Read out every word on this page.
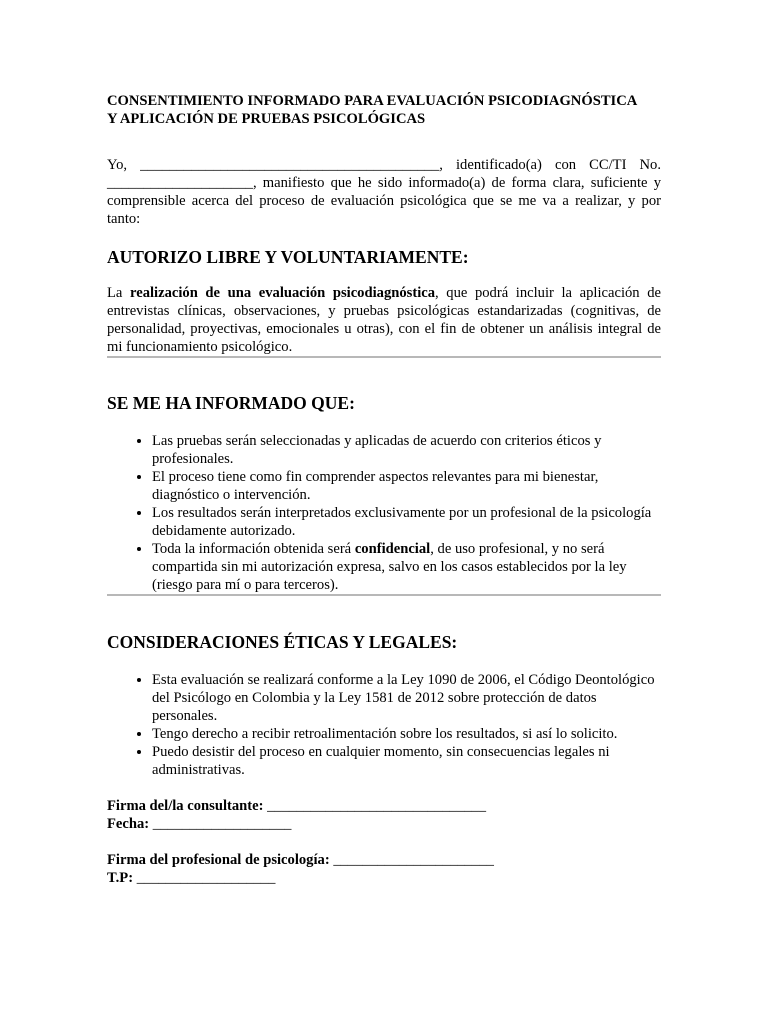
CONSENTIMIENTO INFORMADO PARA EVALUACIÓN PSICODIAGNÓSTICA
Y APLICACIÓN DE PRUEBAS PSICOLÓGICAS

Yo, _________________________________________, identificado(a) con CC/TI No. ____________________, manifiesto que he sido informado(a) de forma clara, suficiente y comprensible acerca del proceso de evaluación psicológica que se me va a realizar, y por tanto:

AUTORIZO LIBRE Y VOLUNTARIAMENTE:

La realización de una evaluación psicodiagnóstica, que podrá incluir la aplicación de entrevistas clínicas, observaciones, y pruebas psicológicas estandarizadas (cognitivas, de personalidad, proyectivas, emocionales u otras), con el fin de obtener un análisis integral de mi funcionamiento psicológico.

SE ME HA INFORMADO QUE:
• Las pruebas serán seleccionadas y aplicadas de acuerdo con criterios éticos y profesionales.
• El proceso tiene como fin comprender aspectos relevantes para mi bienestar, diagnóstico o intervención.
• Los resultados serán interpretados exclusivamente por un profesional de la psicología debidamente autorizado.
• Toda la información obtenida será confidencial, de uso profesional, y no será compartida sin mi autorización expresa, salvo en los casos establecidos por la ley (riesgo para mí o para terceros).
CONSIDERACIONES ÉTICAS Y LEGALES:
• Esta evaluación se realizará conforme a la Ley 1090 de 2006, el Código Deontológico del Psicólogo en Colombia y la Ley 1581 de 2012 sobre protección de datos personales.
• Tengo derecho a recibir retroalimentación sobre los resultados, si así lo solicito.
• Puedo desistir del proceso en cualquier momento, sin consecuencias legales ni administrativas.

Firma del/la consultante: ______________________________

Fecha: ___________________

Firma del profesional de psicología: ______________________

T.P: ___________________
